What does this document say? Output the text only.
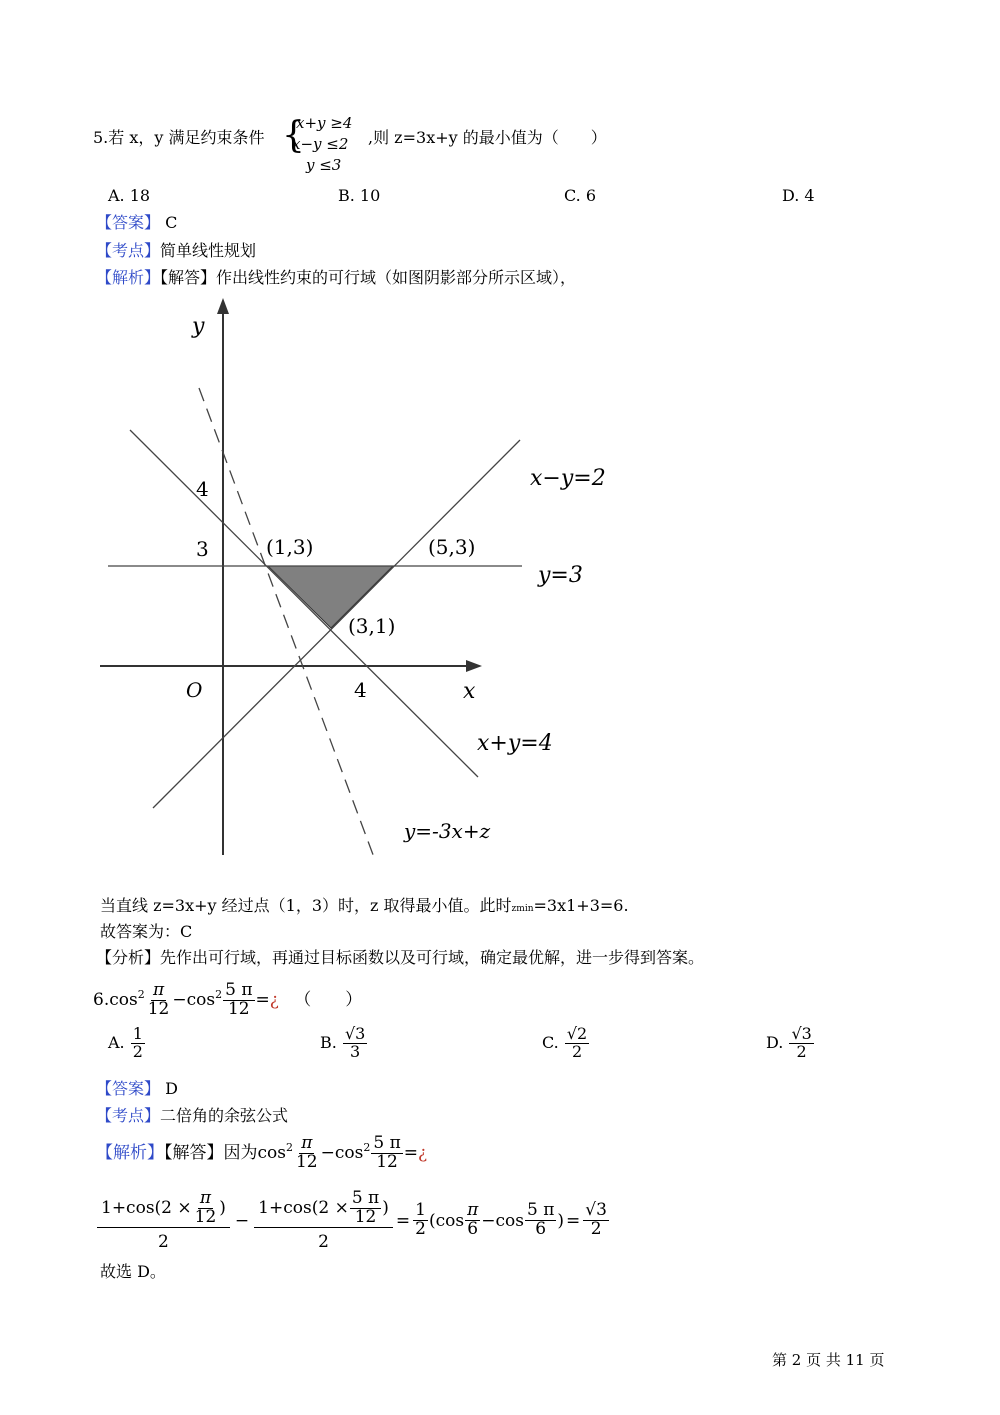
5.若 x，y 满足约束条件 {
x+y ≥4
x−y ≤2
y ≤3
,则 z=3x+y 的最小值为（　　）
A. 18	B. 10	C. 6	D. 4
【答案】 C
【考点】简单线性规划
【解析】【解答】作出线性约束的可行域（如图阴影部分所示区域），
y
x
O	4
4
3	(1,3)	(5,3)
(3,1)
x−y=2
y=3
x+y=4
y=-3x+z
当直线 z=3x+y 经过点（1，3）时，z 取得最小值。此时zmin=3x1+3=6.
故答案为：C
【分析】先作出可行域，再通过目标函数以及可行域，确定最优解，进一步得到答案。
$6.\cos^2 \frac{\pi}{12} -\cos^2 \frac{5 \pi}{12}$ =¿ （　　）
A. $\frac{1}{2}$	B. $\frac{√3}{3}$	C. $\frac{√2}{2}$	D. $\frac{√3}{2}$
【答案】 D
【考点】二倍角的余弦公式
【解析】【解答】因为$\cos^2 \frac{\pi}{12} -\cos^2 \frac{5 \pi}{12}$ =¿
$\frac{1+\cos(2 \times \frac{\pi}{12} )}{2} - \frac{1+\cos(2 \times \frac{5 \pi}{12} )}{2} = \frac{1}{2} (\cos \frac{\pi}{6} -\cos \frac{5 \pi}{6}$ ) = $\frac{√3}{2}$
故选 D。
第 2 页 共 11 页
